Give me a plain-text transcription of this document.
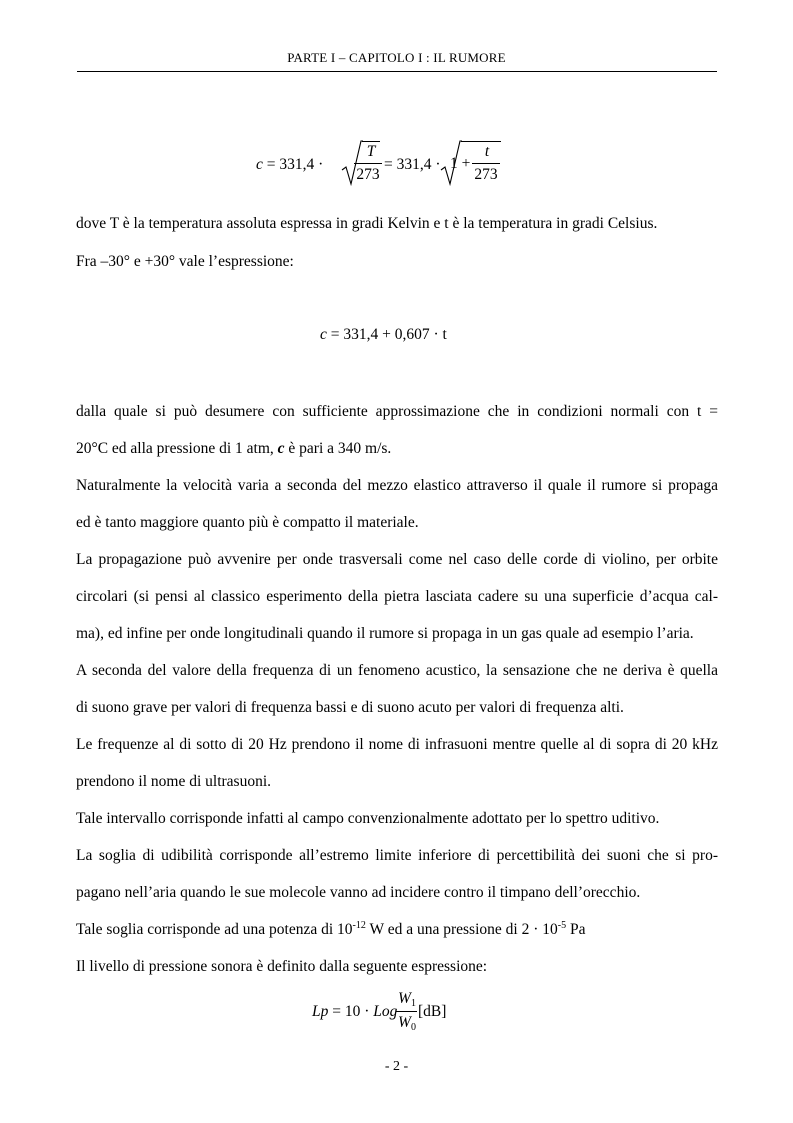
PARTE I – CAPITOLO I : IL RUMORE
c = 331,4 ·
T
273
= 331,4 · 1 +
t
273
dove T è la temperatura assoluta espressa in gradi Kelvin e t è la temperatura in gradi Celsius.
Fra –30° e +30° vale l’espressione:
c = 331,4 + 0,607 · t
dalla quale si può desumere con sufficiente approssimazione che in condizioni normali con t =
20°C ed alla pressione di 1 atm, c è pari a 340 m/s.
Naturalmente la velocità varia a seconda del mezzo elastico attraverso il quale il rumore si propaga
ed è tanto maggiore quanto più è compatto il materiale.
La propagazione può avvenire per onde trasversali come nel caso delle corde di violino, per orbite
circolari (si pensi al classico esperimento della pietra lasciata cadere su una superficie d’acqua cal-
ma), ed infine per onde longitudinali quando il rumore si propaga in un gas quale ad esempio l’aria.
A seconda del valore della frequenza di un fenomeno acustico, la sensazione che ne deriva è quella
di suono grave per valori di frequenza bassi e di suono acuto per valori di frequenza alti.
Le frequenze al di sotto di 20 Hz prendono il nome di infrasuoni mentre quelle al di sopra di 20 kHz
prendono il nome di ultrasuoni.
Tale intervallo corrisponde infatti al campo convenzionalmente adottato per lo spettro uditivo.
La soglia di udibilità corrisponde all’estremo limite inferiore di percettibilità dei suoni che si pro-
pagano nell’aria quando le sue molecole vanno ad incidere contro il timpano dell’orecchio.
Tale soglia corrisponde ad una potenza di $10^{-12}$ W ed a una pressione di $2 \cdot 10^{-5}$ Pa
Il livello di pressione sonora è definito dalla seguente espressione:
Lp = 10 · Log
$W_1$
$W_0$
[dB]
- 2 -
